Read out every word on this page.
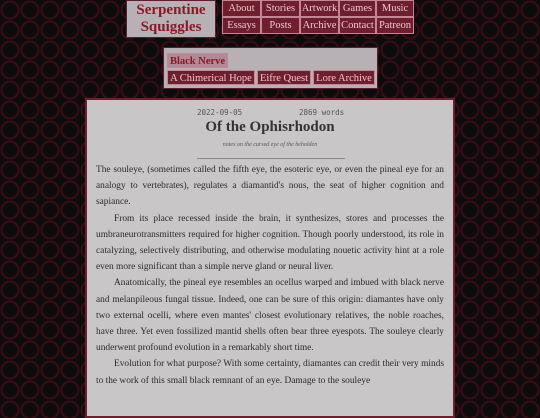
Serpentine
Squiggles
About	Stories Artwork Games Music
Essays	Posts	Archive Contact Patreon
Black Nerve
A Chimerical Hope Eifre Quest Lore Archive
2022-09-05	2869 words
Of the Ophisrhodon
notes on the cursed eye of the beholden

The souleye, (sometimes called the fifth eye, the esoteric eye, or even the pineal eye for an analogy to vertebrates), regulates a diamantid's nous, the seat of higher cognition and sapiance.

From its place recessed inside the brain, it synthesizes, stores and processes the umbraneurotransmitters required for higher cognition. Though poorly understood, its role in catalyzing, selectively distributing, and otherwise modulating nouetic activity hint at a role even more significant than a simple nerve gland or neural liver.

Anatomically, the pineal eye resembles an ocellus warped and imbued with black nerve and melanpileous fungal tissue. Indeed, one can be sure of this origin: diamantes have only two external ocelli, where even mantes' closest evolutionary relatives, the noble roaches, have three. Yet even fossilized mantid shells often bear three eyespots. The souleye clearly underwent profound evolution in a remarkably short time.

Evolution for what purpose? With some certainty, diamantes can credit their very minds to the work of this small black remnant of an eye. Damage to the souleye
